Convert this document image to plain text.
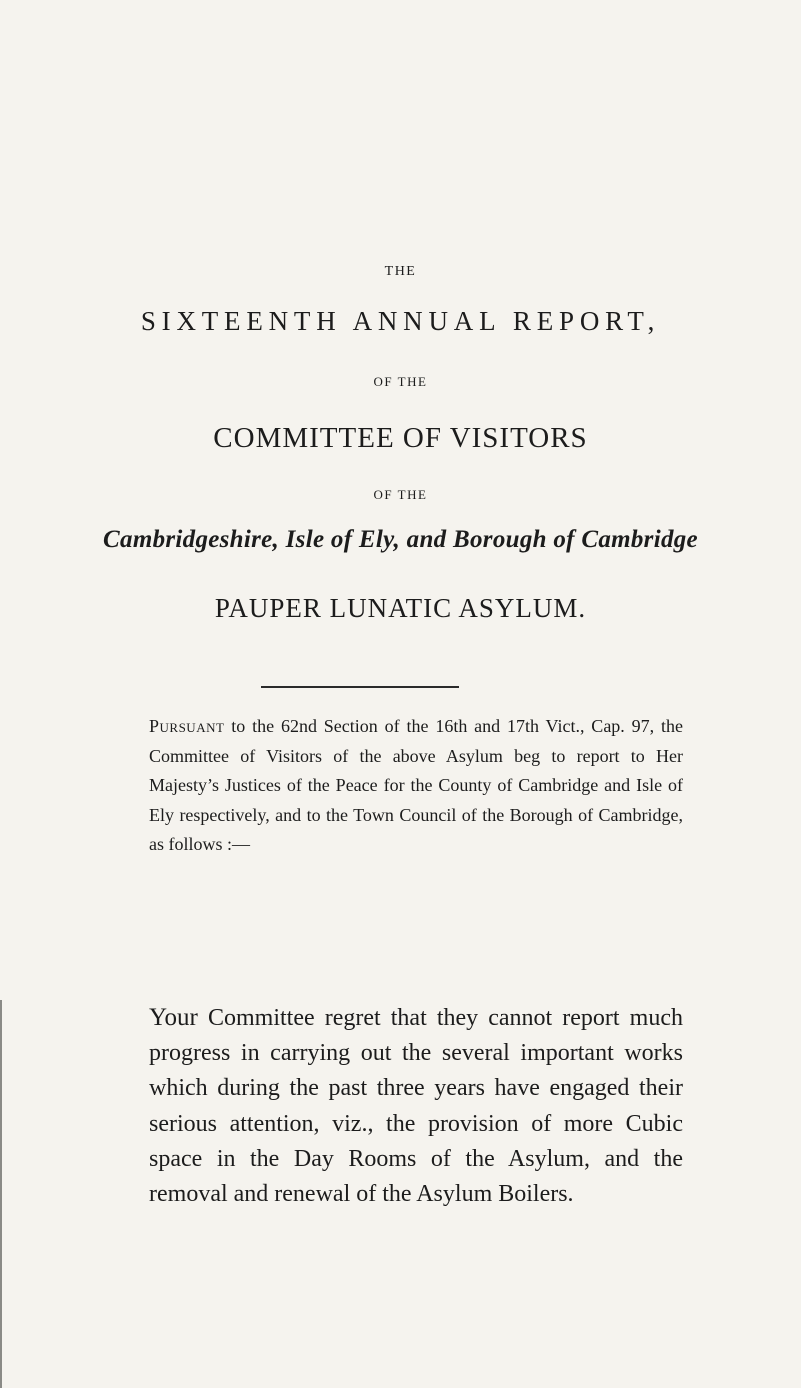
THE
SIXTEENTH ANNUAL REPORT,
OF THE
COMMITTEE OF VISITORS
OF THE
Cambridgeshire, Isle of Ely, and Borough of Cambridge
PAUPER LUNATIC ASYLUM.

Pursuant to the 62nd Section of the 16th and 17th Vict., Cap. 97, the Committee of Visitors of the above Asylum beg to report to Her Majesty’s Justices of the Peace for the County of Cambridge and Isle of Ely respectively, and to the Town Council of the Borough of Cambridge, as follows :—

Your Committee regret that they cannot report much progress in carrying out the several important works which during the past three years have engaged their serious attention, viz., the provision of more Cubic space in the Day Rooms of the Asylum, and the removal and renewal of the Asylum Boilers.
